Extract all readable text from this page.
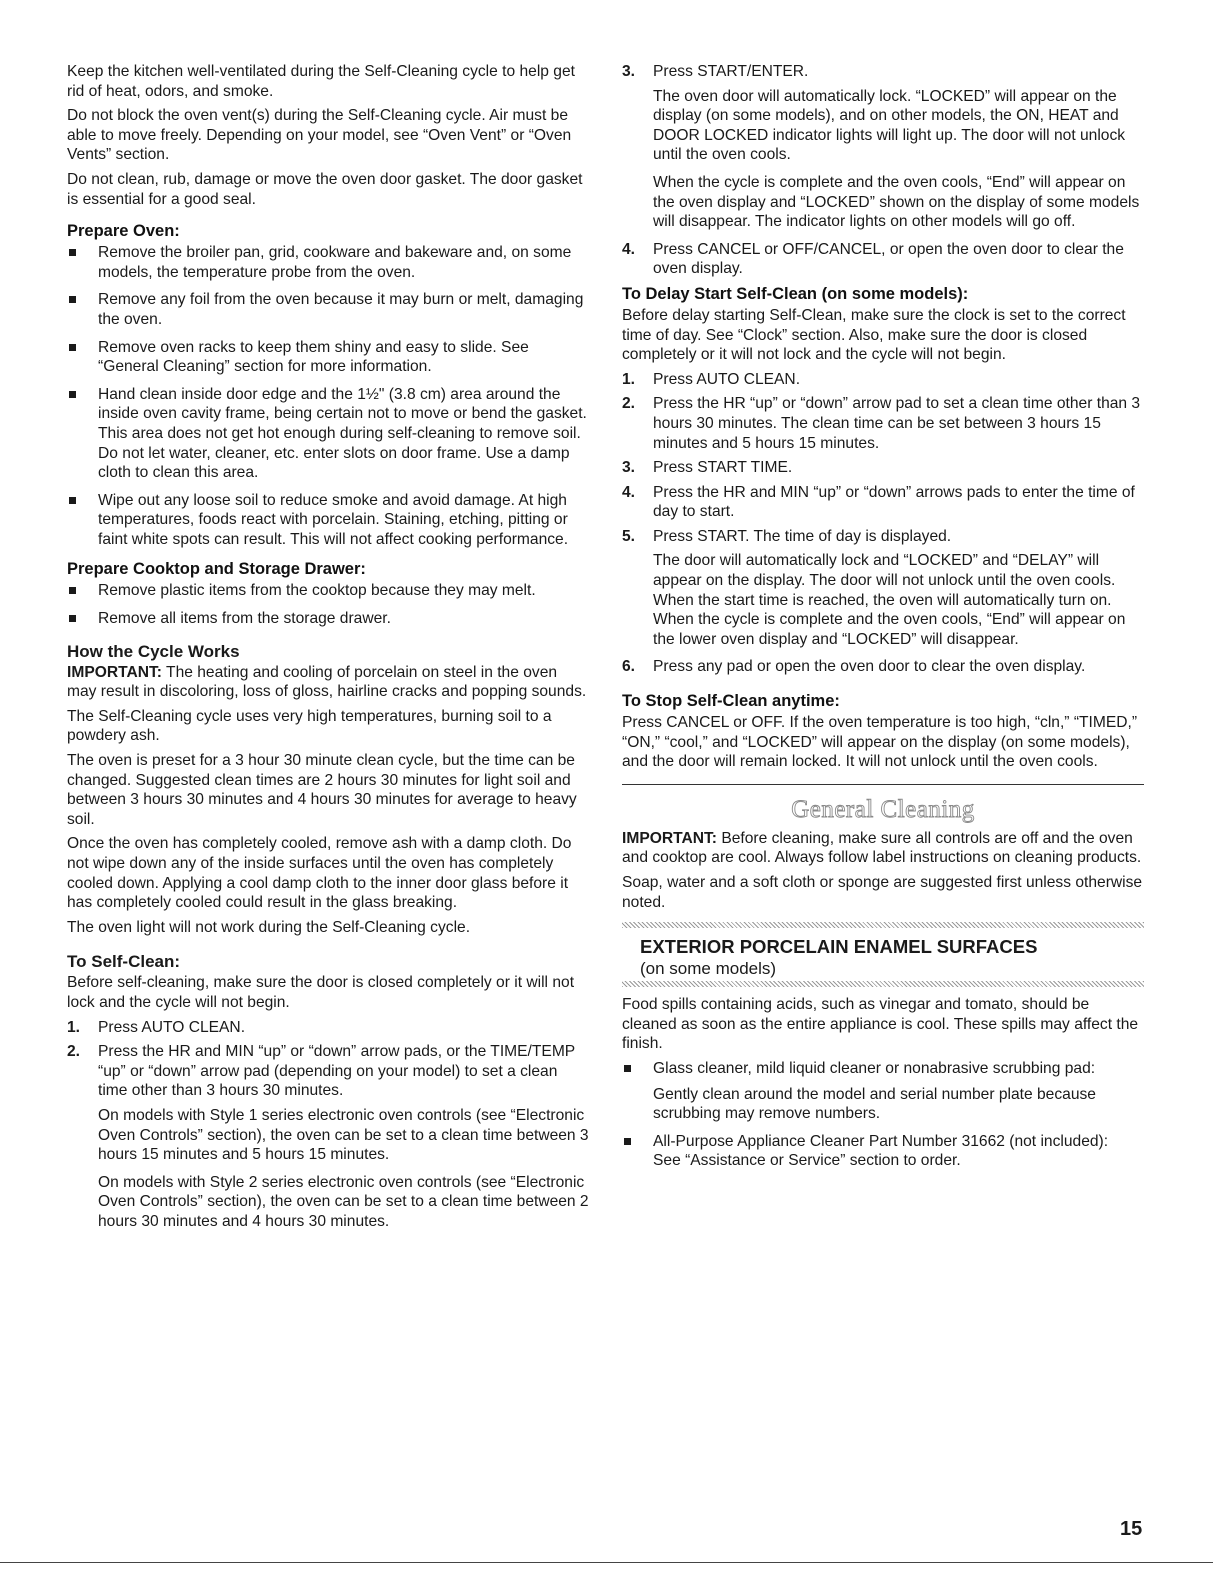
Keep the kitchen well-ventilated during the Self-Cleaning cycle to help get rid of heat, odors, and smoke.

Do not block the oven vent(s) during the Self-Cleaning cycle. Air must be able to move freely. Depending on your model, see “Oven Vent” or “Oven Vents” section.

Do not clean, rub, damage or move the oven door gasket. The door gasket is essential for a good seal.

Prepare Oven:
Remove the broiler pan, grid, cookware and bakeware and, on some models, the temperature probe from the oven.
Remove any foil from the oven because it may burn or melt, damaging the oven.
Remove oven racks to keep them shiny and easy to slide. See “General Cleaning” section for more information.
Hand clean inside door edge and the 1½" (3.8 cm) area around the inside oven cavity frame, being certain not to move or bend the gasket. This area does not get hot enough during self-cleaning to remove soil. Do not let water, cleaner, etc. enter slots on door frame. Use a damp cloth to clean this area.
Wipe out any loose soil to reduce smoke and avoid damage. At high temperatures, foods react with porcelain. Staining, etching, pitting or faint white spots can result. This will not affect cooking performance.
Prepare Cooktop and Storage Drawer:
Remove plastic items from the cooktop because they may melt.
Remove all items from the storage drawer.
How the Cycle Works

IMPORTANT: The heating and cooling of porcelain on steel in the oven may result in discoloring, loss of gloss, hairline cracks and popping sounds.

The Self-Cleaning cycle uses very high temperatures, burning soil to a powdery ash.

The oven is preset for a 3 hour 30 minute clean cycle, but the time can be changed. Suggested clean times are 2 hours 30 minutes for light soil and between 3 hours 30 minutes and 4 hours 30 minutes for average to heavy soil.

Once the oven has completely cooled, remove ash with a damp cloth. Do not wipe down any of the inside surfaces until the oven has completely cooled down. Applying a cool damp cloth to the inner door glass before it has completely cooled could result in the glass breaking.

The oven light will not work during the Self-Cleaning cycle.

To Self-Clean:

Before self-cleaning, make sure the door is closed completely or it will not lock and the cycle will not begin.

1. Press AUTO CLEAN.
2. Press the HR and MIN “up” or “down” arrow pads, or the TIME/TEMP “up” or “down” arrow pad (depending on your model) to set a clean time other than 3 hours 30 minutes.
On models with Style 1 series electronic oven controls (see “Electronic Oven Controls” section), the oven can be set to a clean time between 3 hours 15 minutes and 5 hours 15 minutes.
On models with Style 2 series electronic oven controls (see “Electronic Oven Controls” section), the oven can be set to a clean time between 2 hours 30 minutes and 4 hours 30 minutes.
3. Press START/ENTER.
The oven door will automatically lock. “LOCKED” will appear on the display (on some models), and on other models, the ON, HEAT and DOOR LOCKED indicator lights will light up. The door will not unlock until the oven cools.
When the cycle is complete and the oven cools, “End” will appear on the oven display and “LOCKED” shown on the display of some models will disappear. The indicator lights on other models will go off.
4. Press CANCEL or OFF/CANCEL, or open the oven door to clear the oven display.
To Delay Start Self-Clean (on some models):

Before delay starting Self-Clean, make sure the clock is set to the correct time of day. See “Clock” section. Also, make sure the door is closed completely or it will not lock and the cycle will not begin.

1. Press AUTO CLEAN.
2. Press the HR “up” or “down” arrow pad to set a clean time other than 3 hours 30 minutes. The clean time can be set between 3 hours 15 minutes and 5 hours 15 minutes.
3. Press START TIME.
4. Press the HR and MIN “up” or “down” arrows pads to enter the time of day to start.
5. Press START. The time of day is displayed.
The door will automatically lock and “LOCKED” and “DELAY” will appear on the display. The door will not unlock until the oven cools. When the start time is reached, the oven will automatically turn on. When the cycle is complete and the oven cools, “End” will appear on the lower oven display and “LOCKED” will disappear.
6. Press any pad or open the oven door to clear the oven display.
To Stop Self-Clean anytime:

Press CANCEL or OFF. If the oven temperature is too high, “cln,” “TIMED,” “ON,” “cool,” and “LOCKED” will appear on the display (on some models), and the door will remain locked. It will not unlock until the oven cools.

General Cleaning

IMPORTANT: Before cleaning, make sure all controls are off and the oven and cooktop are cool. Always follow label instructions on cleaning products.

Soap, water and a soft cloth or sponge are suggested first unless otherwise noted.

EXTERIOR PORCELAIN ENAMEL SURFACES
(on some models)

Food spills containing acids, such as vinegar and tomato, should be cleaned as soon as the entire appliance is cool. These spills may affect the finish.

Glass cleaner, mild liquid cleaner or nonabrasive scrubbing pad:
Gently clean around the model and serial number plate because scrubbing may remove numbers.
All-Purpose Appliance Cleaner Part Number 31662 (not included):
See “Assistance or Service” section to order.
15
